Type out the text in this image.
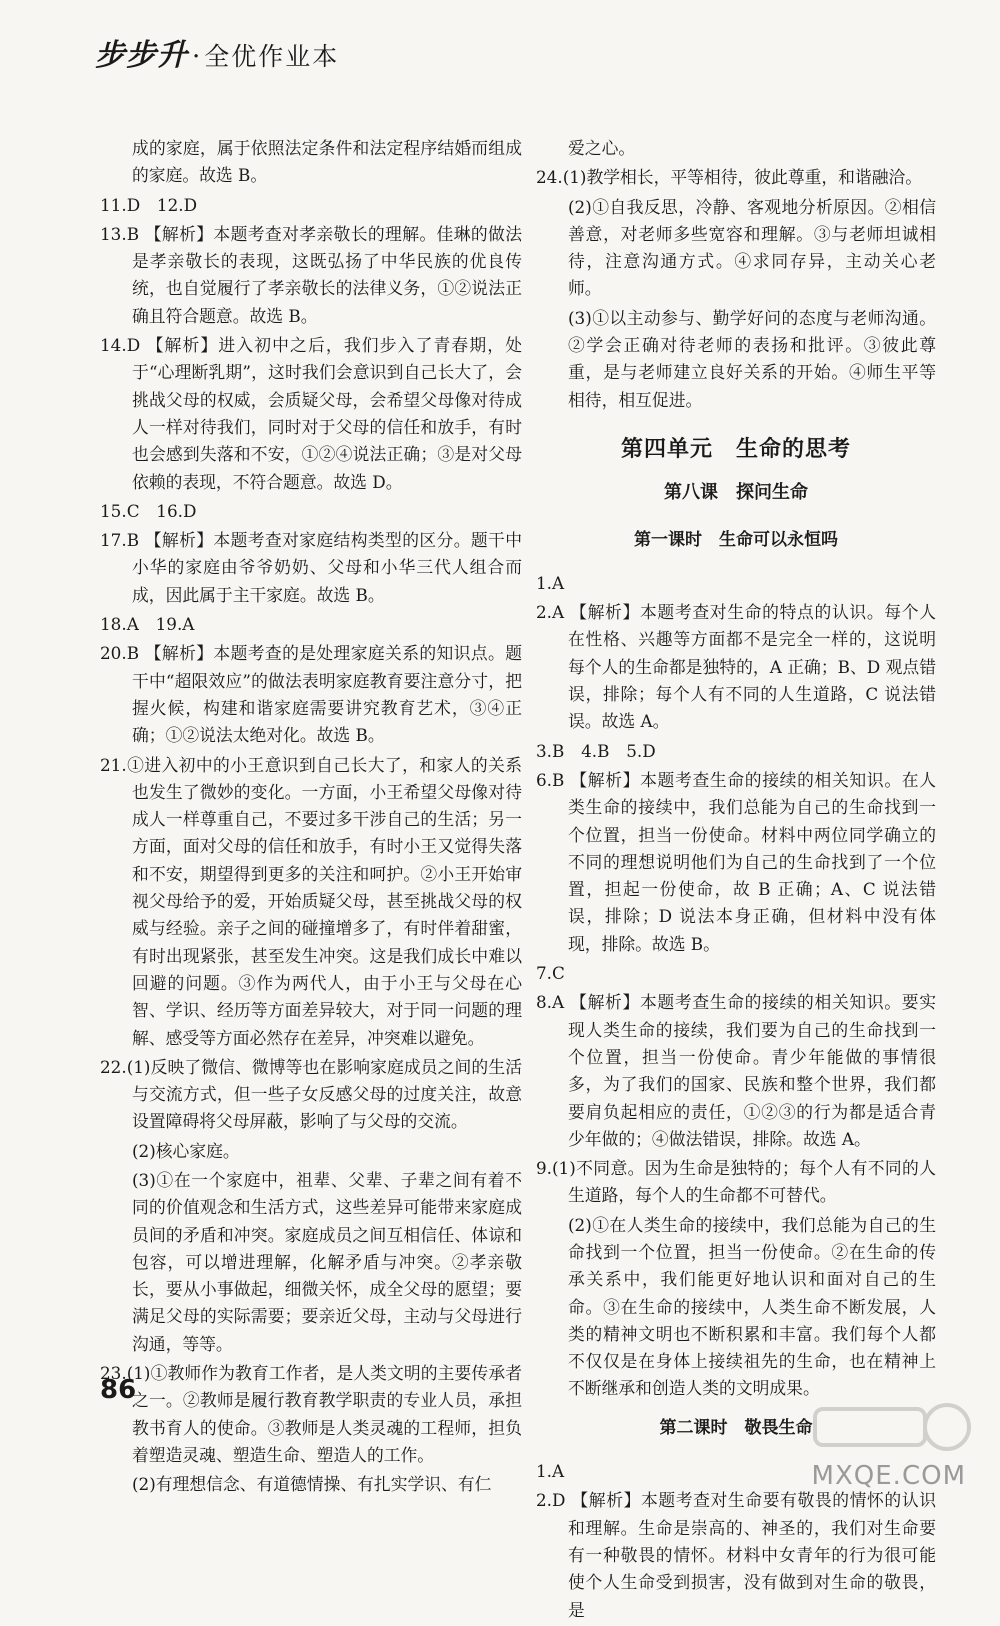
步步升 · 全优作业本

成的家庭，属于依照法定条件和法定程序结婚而组成的家庭。故选 B。

11.D　12.D

13.B 【解析】本题考查对孝亲敬长的理解。佳琳的做法是孝亲敬长的表现，这既弘扬了中华民族的优良传统，也自觉履行了孝亲敬长的法律义务，①②说法正确且符合题意。故选 B。

14.D 【解析】进入初中之后，我们步入了青春期，处于“心理断乳期”，这时我们会意识到自己长大了，会挑战父母的权威，会质疑父母，会希望父母像对待成人一样对待我们，同时对于父母的信任和放手，有时也会感到失落和不安，①②④说法正确；③是对父母依赖的表现，不符合题意。故选 D。

15.C　16.D

17.B 【解析】本题考查对家庭结构类型的区分。题干中小华的家庭由爷爷奶奶、父母和小华三代人组合而成，因此属于主干家庭。故选 B。

18.A　19.A

20.B 【解析】本题考查的是处理家庭关系的知识点。题干中“超限效应”的做法表明家庭教育要注意分寸，把握火候，构建和谐家庭需要讲究教育艺术，③④正确；①②说法太绝对化。故选 B。

21.①进入初中的小王意识到自己长大了，和家人的关系也发生了微妙的变化。一方面，小王希望父母像对待成人一样尊重自己，不要过多干涉自己的生活；另一方面，面对父母的信任和放手，有时小王又觉得失落和不安，期望得到更多的关注和呵护。②小王开始审视父母给予的爱，开始质疑父母，甚至挑战父母的权威与经验。亲子之间的碰撞增多了，有时伴着甜蜜，有时出现紧张，甚至发生冲突。这是我们成长中难以回避的问题。③作为两代人，由于小王与父母在心智、学识、经历等方面差异较大，对于同一问题的理解、感受等方面必然存在差异，冲突难以避免。

22.(1)反映了微信、微博等也在影响家庭成员之间的生活与交流方式，但一些子女反感父母的过度关注，故意设置障碍将父母屏蔽，影响了与父母的交流。

(2)核心家庭。

(3)①在一个家庭中，祖辈、父辈、子辈之间有着不同的价值观念和生活方式，这些差异可能带来家庭成员间的矛盾和冲突。家庭成员之间互相信任、体谅和包容，可以增进理解，化解矛盾与冲突。②孝亲敬长，要从小事做起，细微关怀，成全父母的愿望；要满足父母的实际需要；要亲近父母，主动与父母进行沟通，等等。

23.(1)①教师作为教育工作者，是人类文明的主要传承者之一。②教师是履行教育教学职责的专业人员，承担教书育人的使命。③教师是人类灵魂的工程师，担负着塑造灵魂、塑造生命、塑造人的工作。

(2)有理想信念、有道德情操、有扎实学识、有仁

爱之心。

24.(1)教学相长，平等相待，彼此尊重，和谐融洽。

(2)①自我反思，冷静、客观地分析原因。②相信善意，对老师多些宽容和理解。③与老师坦诚相待，注意沟通方式。④求同存异，主动关心老师。

(3)①以主动参与、勤学好问的态度与老师沟通。②学会正确对待老师的表扬和批评。③彼此尊重，是与老师建立良好关系的开始。④师生平等相待，相互促进。

第四单元　生命的思考
第八课　探问生命
第一课时　生命可以永恒吗

1.A

2.A 【解析】本题考查对生命的特点的认识。每个人在性格、兴趣等方面都不是完全一样的，这说明每个人的生命都是独特的，A 正确；B、D 观点错误，排除；每个人有不同的人生道路，C 说法错误。故选 A。

3.B　4.B　5.D

6.B 【解析】本题考查生命的接续的相关知识。在人类生命的接续中，我们总能为自己的生命找到一个位置，担当一份使命。材料中两位同学确立的不同的理想说明他们为自己的生命找到了一个位置，担起一份使命，故 B 正确；A、C 说法错误，排除；D 说法本身正确，但材料中没有体现，排除。故选 B。

7.C

8.A 【解析】本题考查生命的接续的相关知识。要实现人类生命的接续，我们要为自己的生命找到一个位置，担当一份使命。青少年能做的事情很多，为了我们的国家、民族和整个世界，我们都要肩负起相应的责任，①②③的行为都是适合青少年做的；④做法错误，排除。故选 A。

9.(1)不同意。因为生命是独特的；每个人有不同的人生道路，每个人的生命都不可替代。

(2)①在人类生命的接续中，我们总能为自己的生命找到一个位置，担当一份使命。②在生命的传承关系中，我们能更好地认识和面对自己的生命。③在生命的接续中，人类生命不断发展，人类的精神文明也不断积累和丰富。我们每个人都不仅仅是在身体上接续祖先的生命，也在精神上不断继承和创造人类的文明成果。

第二课时　敬畏生命

1.A

2.D 【解析】本题考查对生命要有敬畏的情怀的认识和理解。生命是崇高的、神圣的，我们对生命要有一种敬畏的情怀。材料中女青年的行为很可能使个人生命受到损害，没有做到对生命的敬畏，是

86
MXQE.COM
